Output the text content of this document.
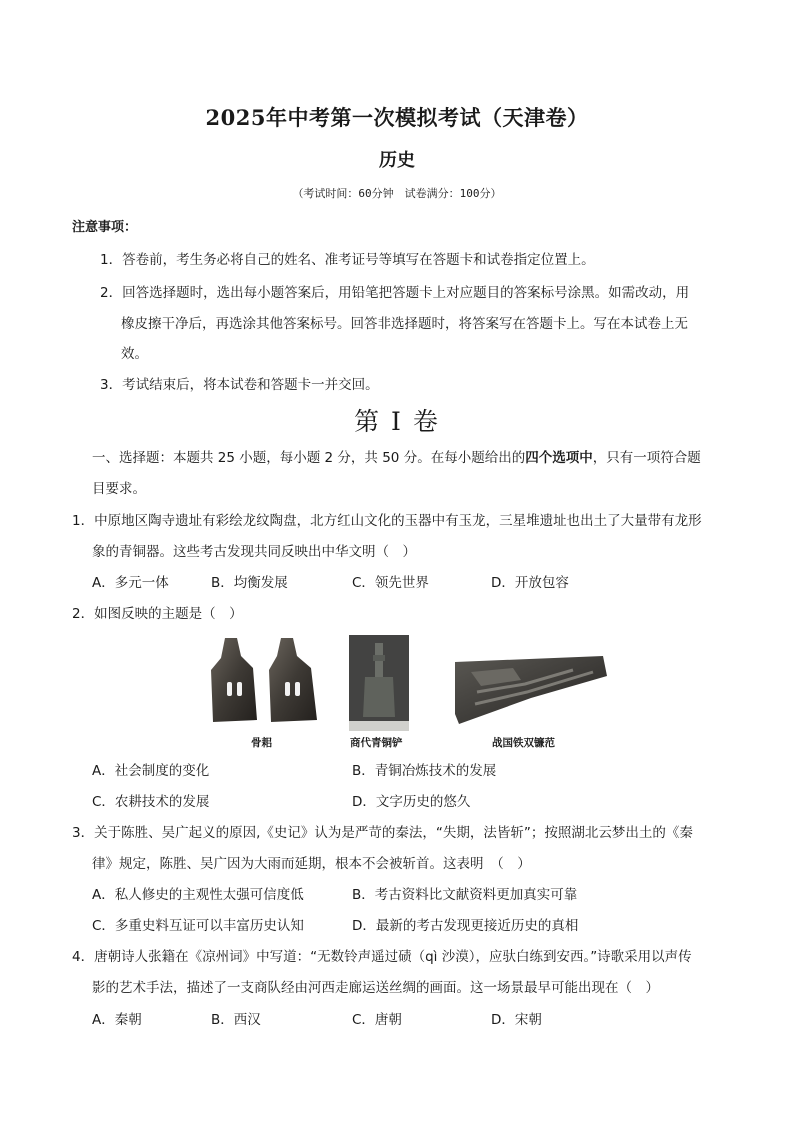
2025年中考第一次模拟考试（天津卷）
历史
（考试时间：60分钟　试卷满分：100分）
注意事项：
1．答卷前，考生务必将自己的姓名、准考证号等填写在答题卡和试卷指定位置上。
2．回答选择题时，选出每小题答案后，用铅笔把答题卡上对应题目的答案标号涂黑。如需改动，用
橡皮擦干净后，再选涂其他答案标号。回答非选择题时，将答案写在答题卡上。写在本试卷上无
效。
3．考试结束后，将本试卷和答题卡一并交回。
第 I 卷
一、选择题：本题共 25 小题，每小题 2 分，共 50 分。在每小题给出的四个选项中，只有一项符合题
目要求。
1．中原地区陶寺遗址有彩绘龙纹陶盘，北方红山文化的玉器中有玉龙，三星堆遗址也出土了大量带有龙形
象的青铜器。这些考古发现共同反映出中华文明（　）
A．多元一体	B．均衡发展	C．领先世界	D．开放包容
2．如图反映的主题是（　）
骨耜	商代青铜铲	战国铁双镰范
A．社会制度的变化	B．青铜冶炼技术的发展
C．农耕技术的发展	D．文字历史的悠久
3．关于陈胜、吴广起义的原因,《史记》认为是严苛的秦法，“失期，法皆斩”；按照湖北云梦出土的《秦
律》规定，陈胜、吴广因为大雨而延期，根本不会被斩首。这表明　（　）
A．私人修史的主观性太强可信度低	B．考古资料比文献资料更加真实可靠
C．多重史料互证可以丰富历史认知	D．最新的考古发现更接近历史的真相
4．唐朝诗人张籍在《凉州词》中写道：“无数铃声遥过碛（qì 沙漠），应驮白练到安西。”诗歌采用以声传
影的艺术手法，描述了一支商队经由河西走廊运送丝绸的画面。这一场景最早可能出现在（　）
A．秦朝	B．西汉	C．唐朝	D．宋朝
